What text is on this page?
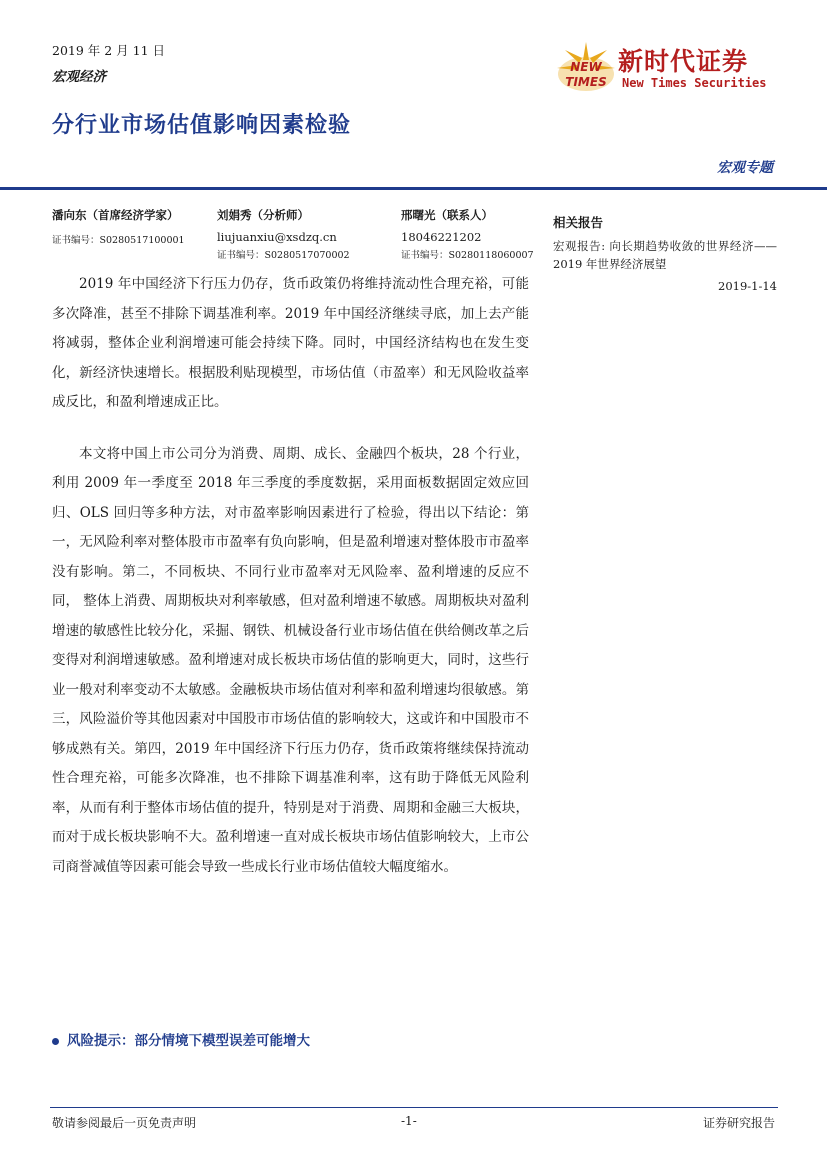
2019 年 2 月 11 日
宏观经济
分行业市场估值影响因素检验
NEW
TIMES
新时代证券
New Times Securities
宏观专题
潘向东（首席经济学家）
证书编号：S0280517100001
刘娟秀（分析师）
liujuanxiu@xsdzq.cn
证书编号：S0280517070002
邢曙光（联系人）
18046221202
证书编号：S0280118060007
相关报告
宏观报告: 向长期趋势收敛的世界经济——2019 年世界经济展望
2019-1-14

2019 年中国经济下行压力仍存，货币政策仍将维持流动性合理充裕，可能多次降准，甚至不排除下调基准利率。2019 年中国经济继续寻底，加上去产能将减弱，整体企业利润增速可能会持续下降。同时，中国经济结构也在发生变化，新经济快速增长。根据股利贴现模型，市场估值（市盈率）和无风险收益率成反比，和盈利增速成正比。

本文将中国上市公司分为消费、周期、成长、金融四个板块，28 个行业，利用 2009 年一季度至 2018 年三季度的季度数据，采用面板数据固定效应回归、OLS 回归等多种方法，对市盈率影响因素进行了检验，得出以下结论：第一，无风险利率对整体股市市盈率有负向影响，但是盈利增速对整体股市市盈率没有影响。第二，不同板块、不同行业市盈率对无风险率、盈利增速的反应不同， 整体上消费、周期板块对利率敏感，但对盈利增速不敏感。周期板块对盈利增速的敏感性比较分化，采掘、钢铁、机械设备行业市场估值在供给侧改革之后变得对利润增速敏感。盈利增速对成长板块市场估值的影响更大，同时，这些行业一般对利率变动不太敏感。金融板块市场估值对利率和盈利增速均很敏感。第三，风险溢价等其他因素对中国股市市场估值的影响较大，这或许和中国股市不够成熟有关。第四，2019 年中国经济下行压力仍存，货币政策将继续保持流动性合理充裕，可能多次降准，也不排除下调基准利率，这有助于降低无风险利率，从而有利于整体市场估值的提升，特别是对于消费、周期和金融三大板块，而对于成长板块影响不大。盈利增速一直对成长板块市场估值影响较大，上市公司商誉减值等因素可能会导致一些成长行业市场估值较大幅度缩水。

风险提示：部分情境下模型误差可能增大
敬请参阅最后一页免责声明	-1-	证券研究报告
